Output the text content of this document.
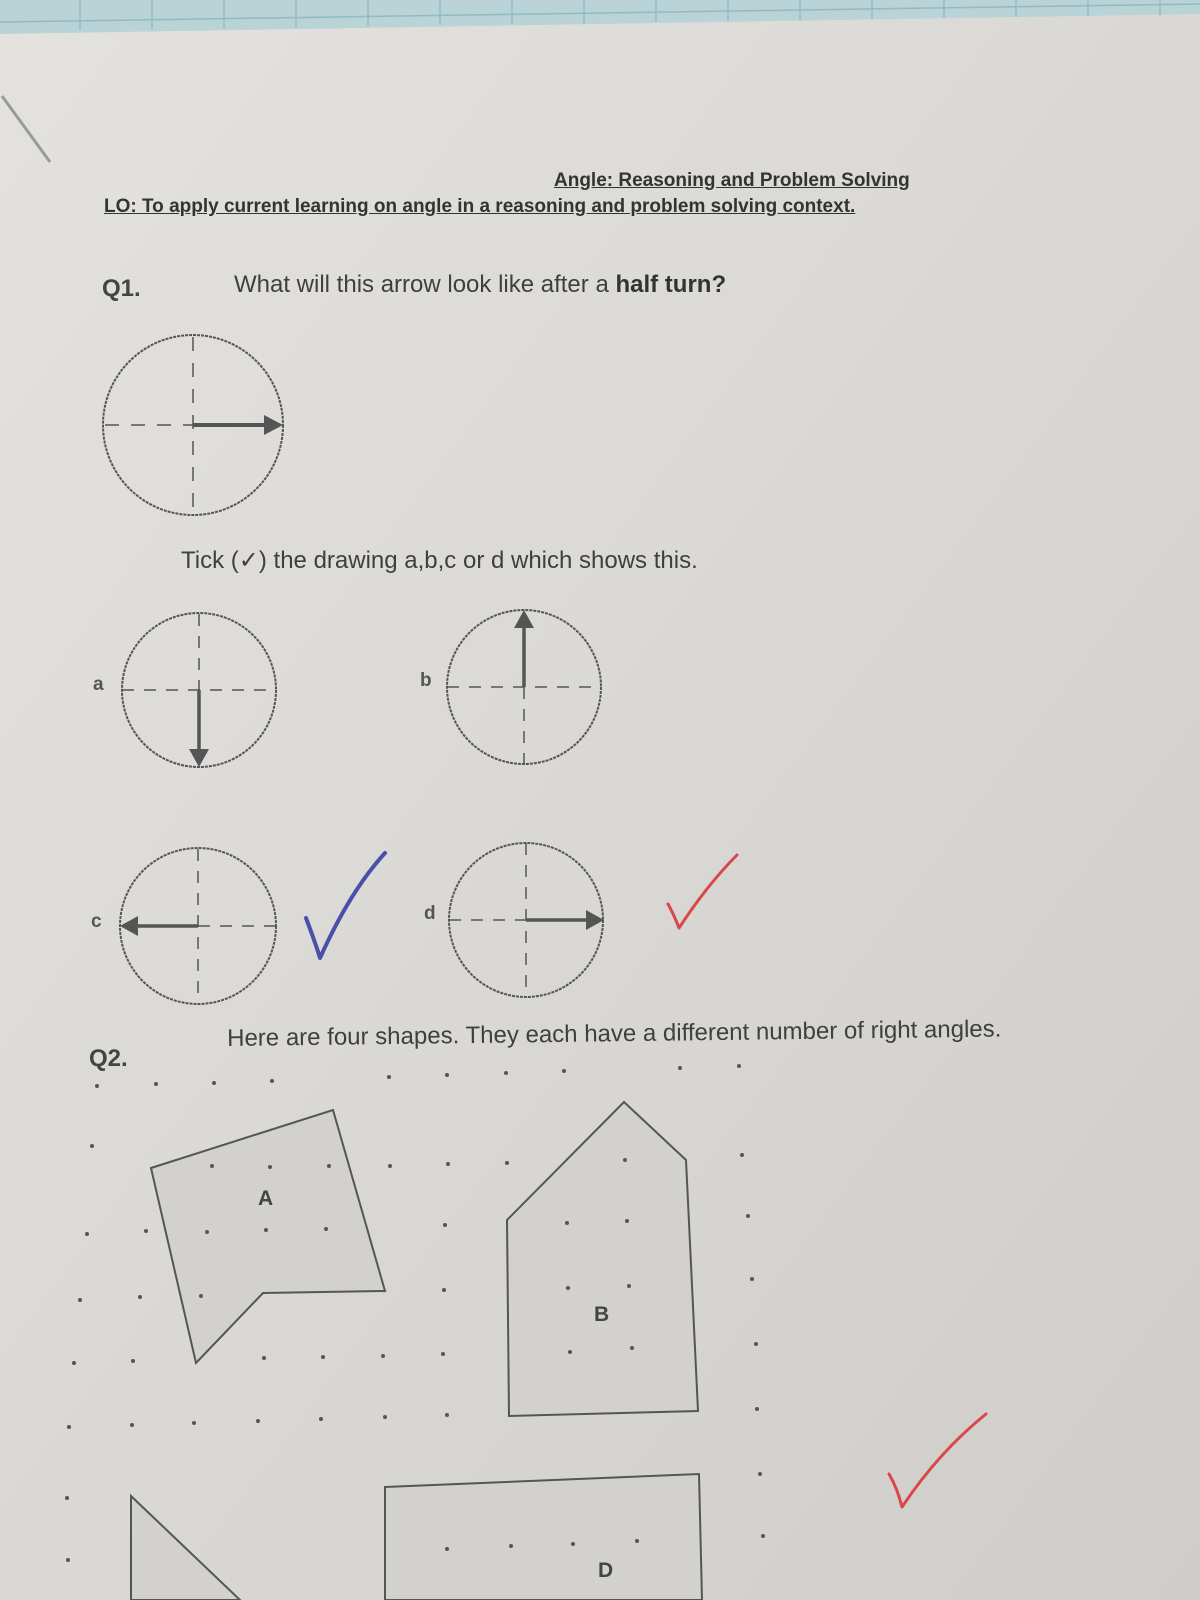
Angle: Reasoning and Problem Solving
LO: To apply current learning on angle in a reasoning and problem solving context.
Q1.	What will this arrow look like after a half turn?
Tick (✓) the drawing a,b,c or d which shows this.
a	b
c	d
Q2.
Here are four shapes. They each have a different number of right angles.
A
B
D
